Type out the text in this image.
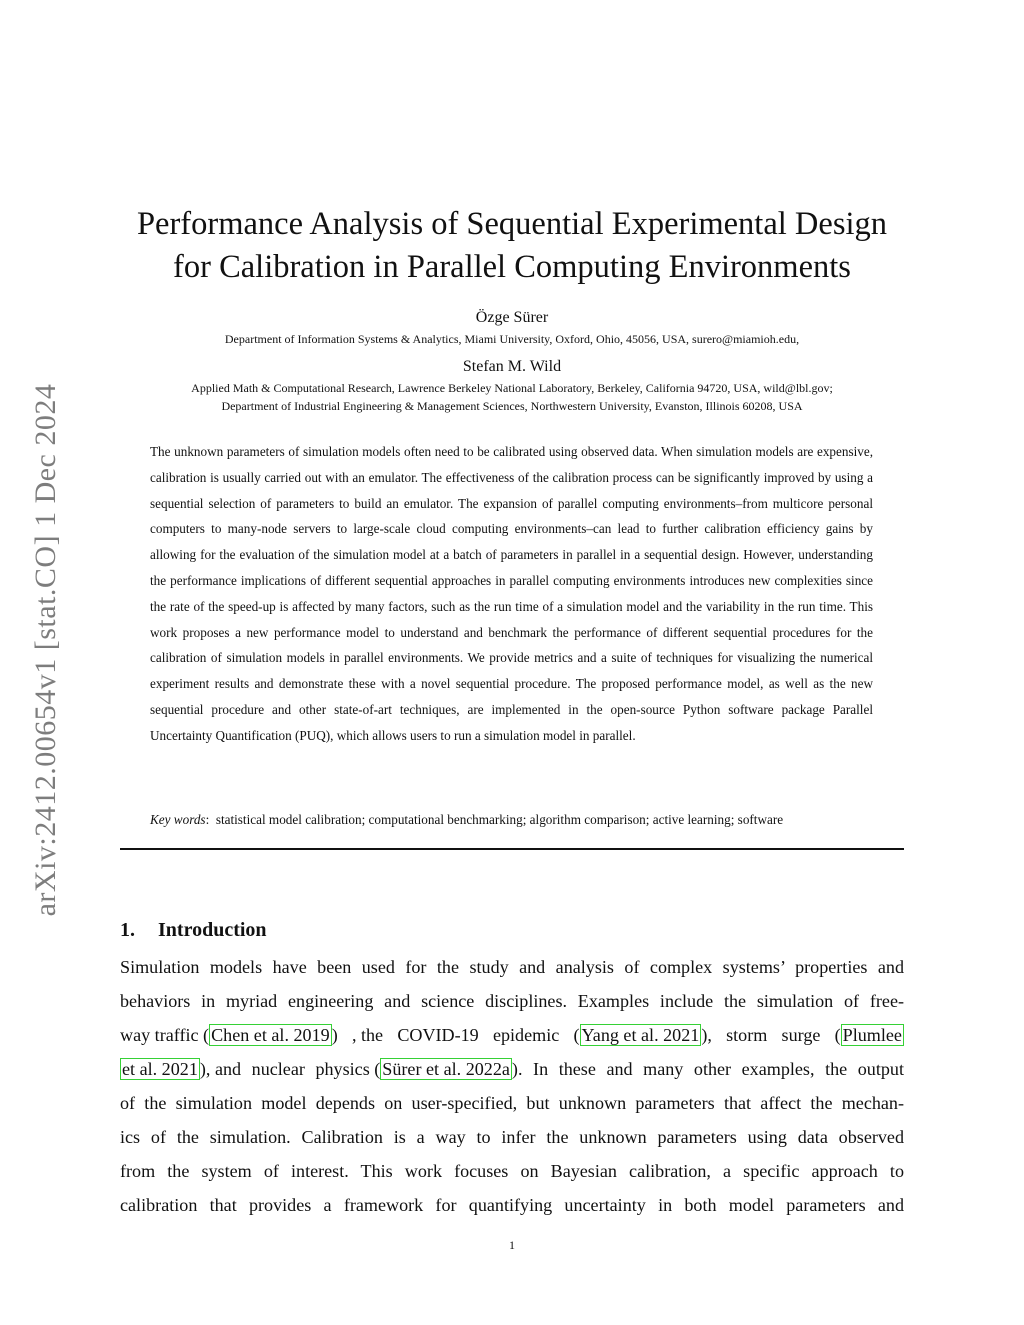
arXiv:2412.00654v1 [stat.CO] 1 Dec 2024
Performance Analysis of Sequential Experimental Design
for Calibration in Parallel Computing Environments
Özge Sürer
Department of Information Systems & Analytics, Miami University, Oxford, Ohio, 45056, USA, surero@miamioh.edu,
Stefan M. Wild
Applied Math & Computational Research, Lawrence Berkeley National Laboratory, Berkeley, California 94720, USA, wild@lbl.gov;
Department of Industrial Engineering & Management Sciences, Northwestern University, Evanston, Illinois 60208, USA
The unknown parameters of simulation models often need to be calibrated using observed data. When simulation models are expensive, calibration is usually carried out with an emulator. The effectiveness of the calibration process can be significantly improved by using a sequential selection of parameters to build an emulator. The expansion of parallel computing environments–from multicore personal computers to many-node servers to large-scale cloud computing environments–can lead to further calibration efficiency gains by allowing for the evaluation of the simulation model at a batch of parameters in parallel in a sequential design. However, understanding the performance implications of different sequential approaches in parallel computing environments introduces new complexities since the rate of the speed-up is affected by many factors, such as the run time of a simulation model and the variability in the run time. This work proposes a new performance model to understand and benchmark the performance of different sequential procedures for the calibration of simulation models in parallel environments. We provide metrics and a suite of techniques for visualizing the numerical experiment results and demonstrate these with a novel sequential procedure. The proposed performance model, as well as the new sequential procedure and other state-of-art techniques, are implemented in the open-source Python software package Parallel Uncertainty Quantification (PUQ), which allows users to run a simulation model in parallel.
Key words:  statistical model calibration; computational benchmarking; algorithm comparison; active learning; software
1. Introduction
Simulation models have been used for the study and analysis of complex systems’ properties and
behaviors in myriad engineering and science disciplines. Examples include the simulation of free-
way traffic ( Chen et al. 2019 ) , the COVID-19 epidemic ( Yang et al. 2021 ), storm surge ( Plumlee
et al. 2021 ), and nuclear physics ( Sürer et al. 2022a ). In these and many other examples, the output
of the simulation model depends on user-specified, but unknown parameters that affect the mechan-
ics of the simulation. Calibration is a way to infer the unknown parameters using data observed
from the system of interest. This work focuses on Bayesian calibration, a specific approach to
calibration that provides a framework for quantifying uncertainty in both model parameters and
1
